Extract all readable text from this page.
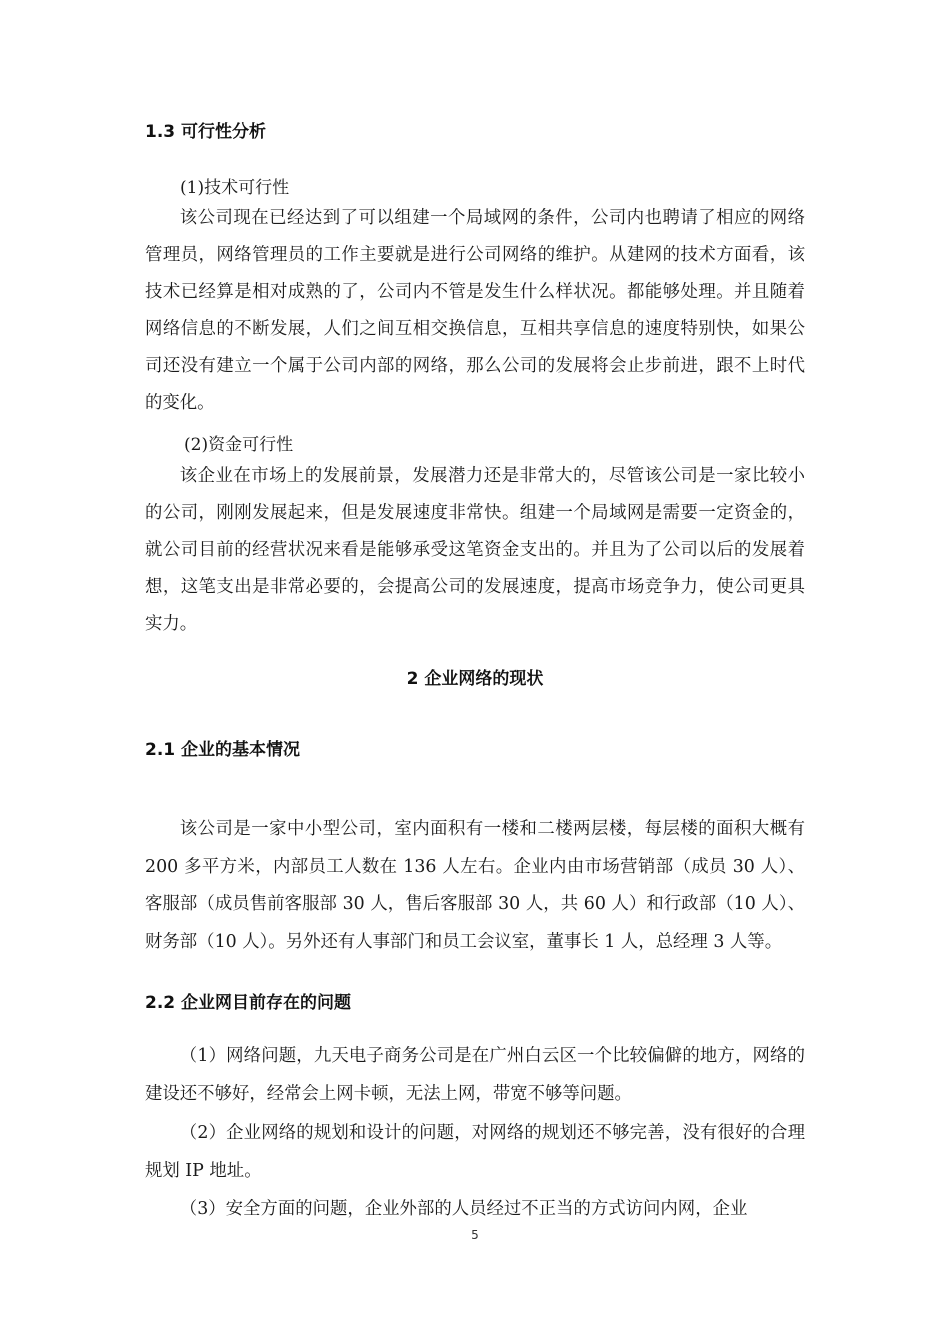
1.3 可行性分析
(1)技术可行性

该公司现在已经达到了可以组建一个局域网的条件，公司内也聘请了相应的网络管理员，网络管理员的工作主要就是进行公司网络的维护。从建网的技术方面看，该技术已经算是相对成熟的了，公司内不管是发生什么样状况。都能够处理。并且随着网络信息的不断发展，人们之间互相交换信息，互相共享信息的速度特别快，如果公司还没有建立一个属于公司内部的网络，那么公司的发展将会止步前进，跟不上时代的变化。

(2)资金可行性

该企业在市场上的发展前景，发展潜力还是非常大的，尽管该公司是一家比较小的公司，刚刚发展起来，但是发展速度非常快。组建一个局域网是需要一定资金的，就公司目前的经营状况来看是能够承受这笔资金支出的。并且为了公司以后的发展着想，这笔支出是非常必要的，会提高公司的发展速度，提高市场竞争力，使公司更具实力。

2 企业网络的现状
2.1 企业的基本情况

该公司是一家中小型公司，室内面积有一楼和二楼两层楼，每层楼的面积大概有 200 多平方米，内部员工人数在 136 人左右。企业内由市场营销部（成员 30 人）、客服部（成员售前客服部 30 人，售后客服部 30 人，共 60 人）和行政部（10 人）、财务部（10 人）。另外还有人事部门和员工会议室，董事长 1 人，总经理 3 人等。

2.2 企业网目前存在的问题

（1）网络问题，九天电子商务公司是在广州白云区一个比较偏僻的地方，网络的建设还不够好，经常会上网卡顿，无法上网，带宽不够等问题。

（2）企业网络的规划和设计的问题，对网络的规划还不够完善，没有很好的合理规划 IP 地址。

（3）安全方面的问题，企业外部的人员经过不正当的方式访问内网，企业

5
